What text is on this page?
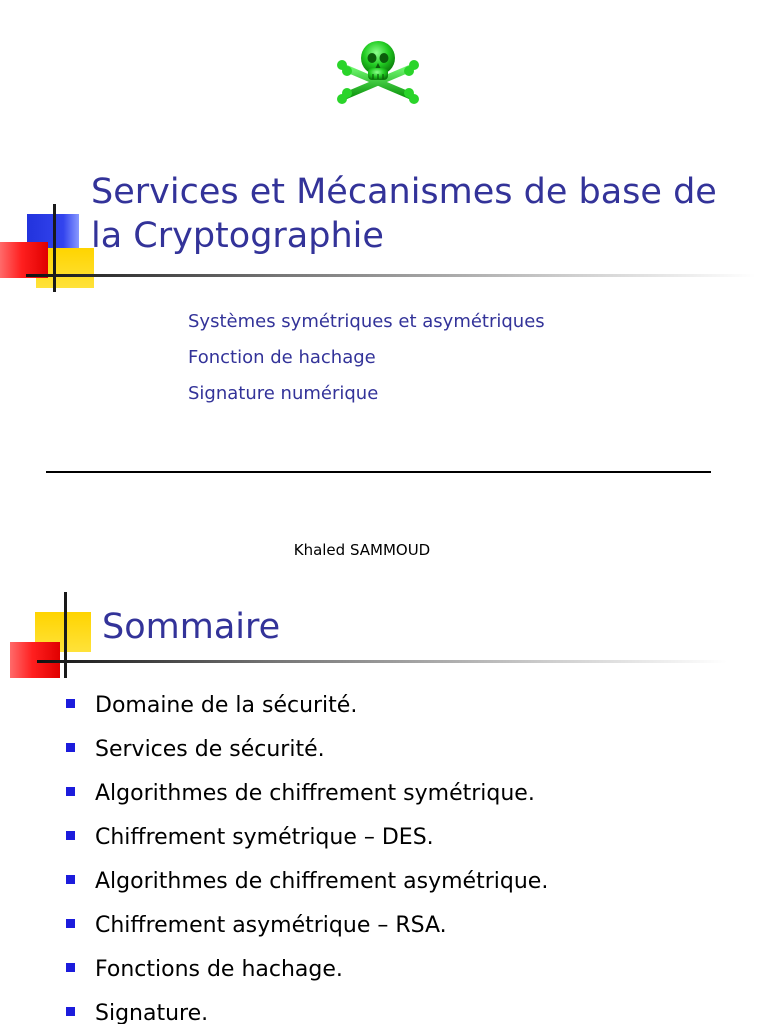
Services et Mécanismes de base de la Cryptographie
Systèmes symétriques et asymétriques
Fonction de hachage
Signature numérique
Khaled SAMMOUD
Sommaire
Domaine de la sécurité.
Services de sécurité.
Algorithmes de chiffrement symétrique.
Chiffrement symétrique – DES.
Algorithmes de chiffrement asymétrique.
Chiffrement asymétrique – RSA.
Fonctions de hachage.
Signature.
